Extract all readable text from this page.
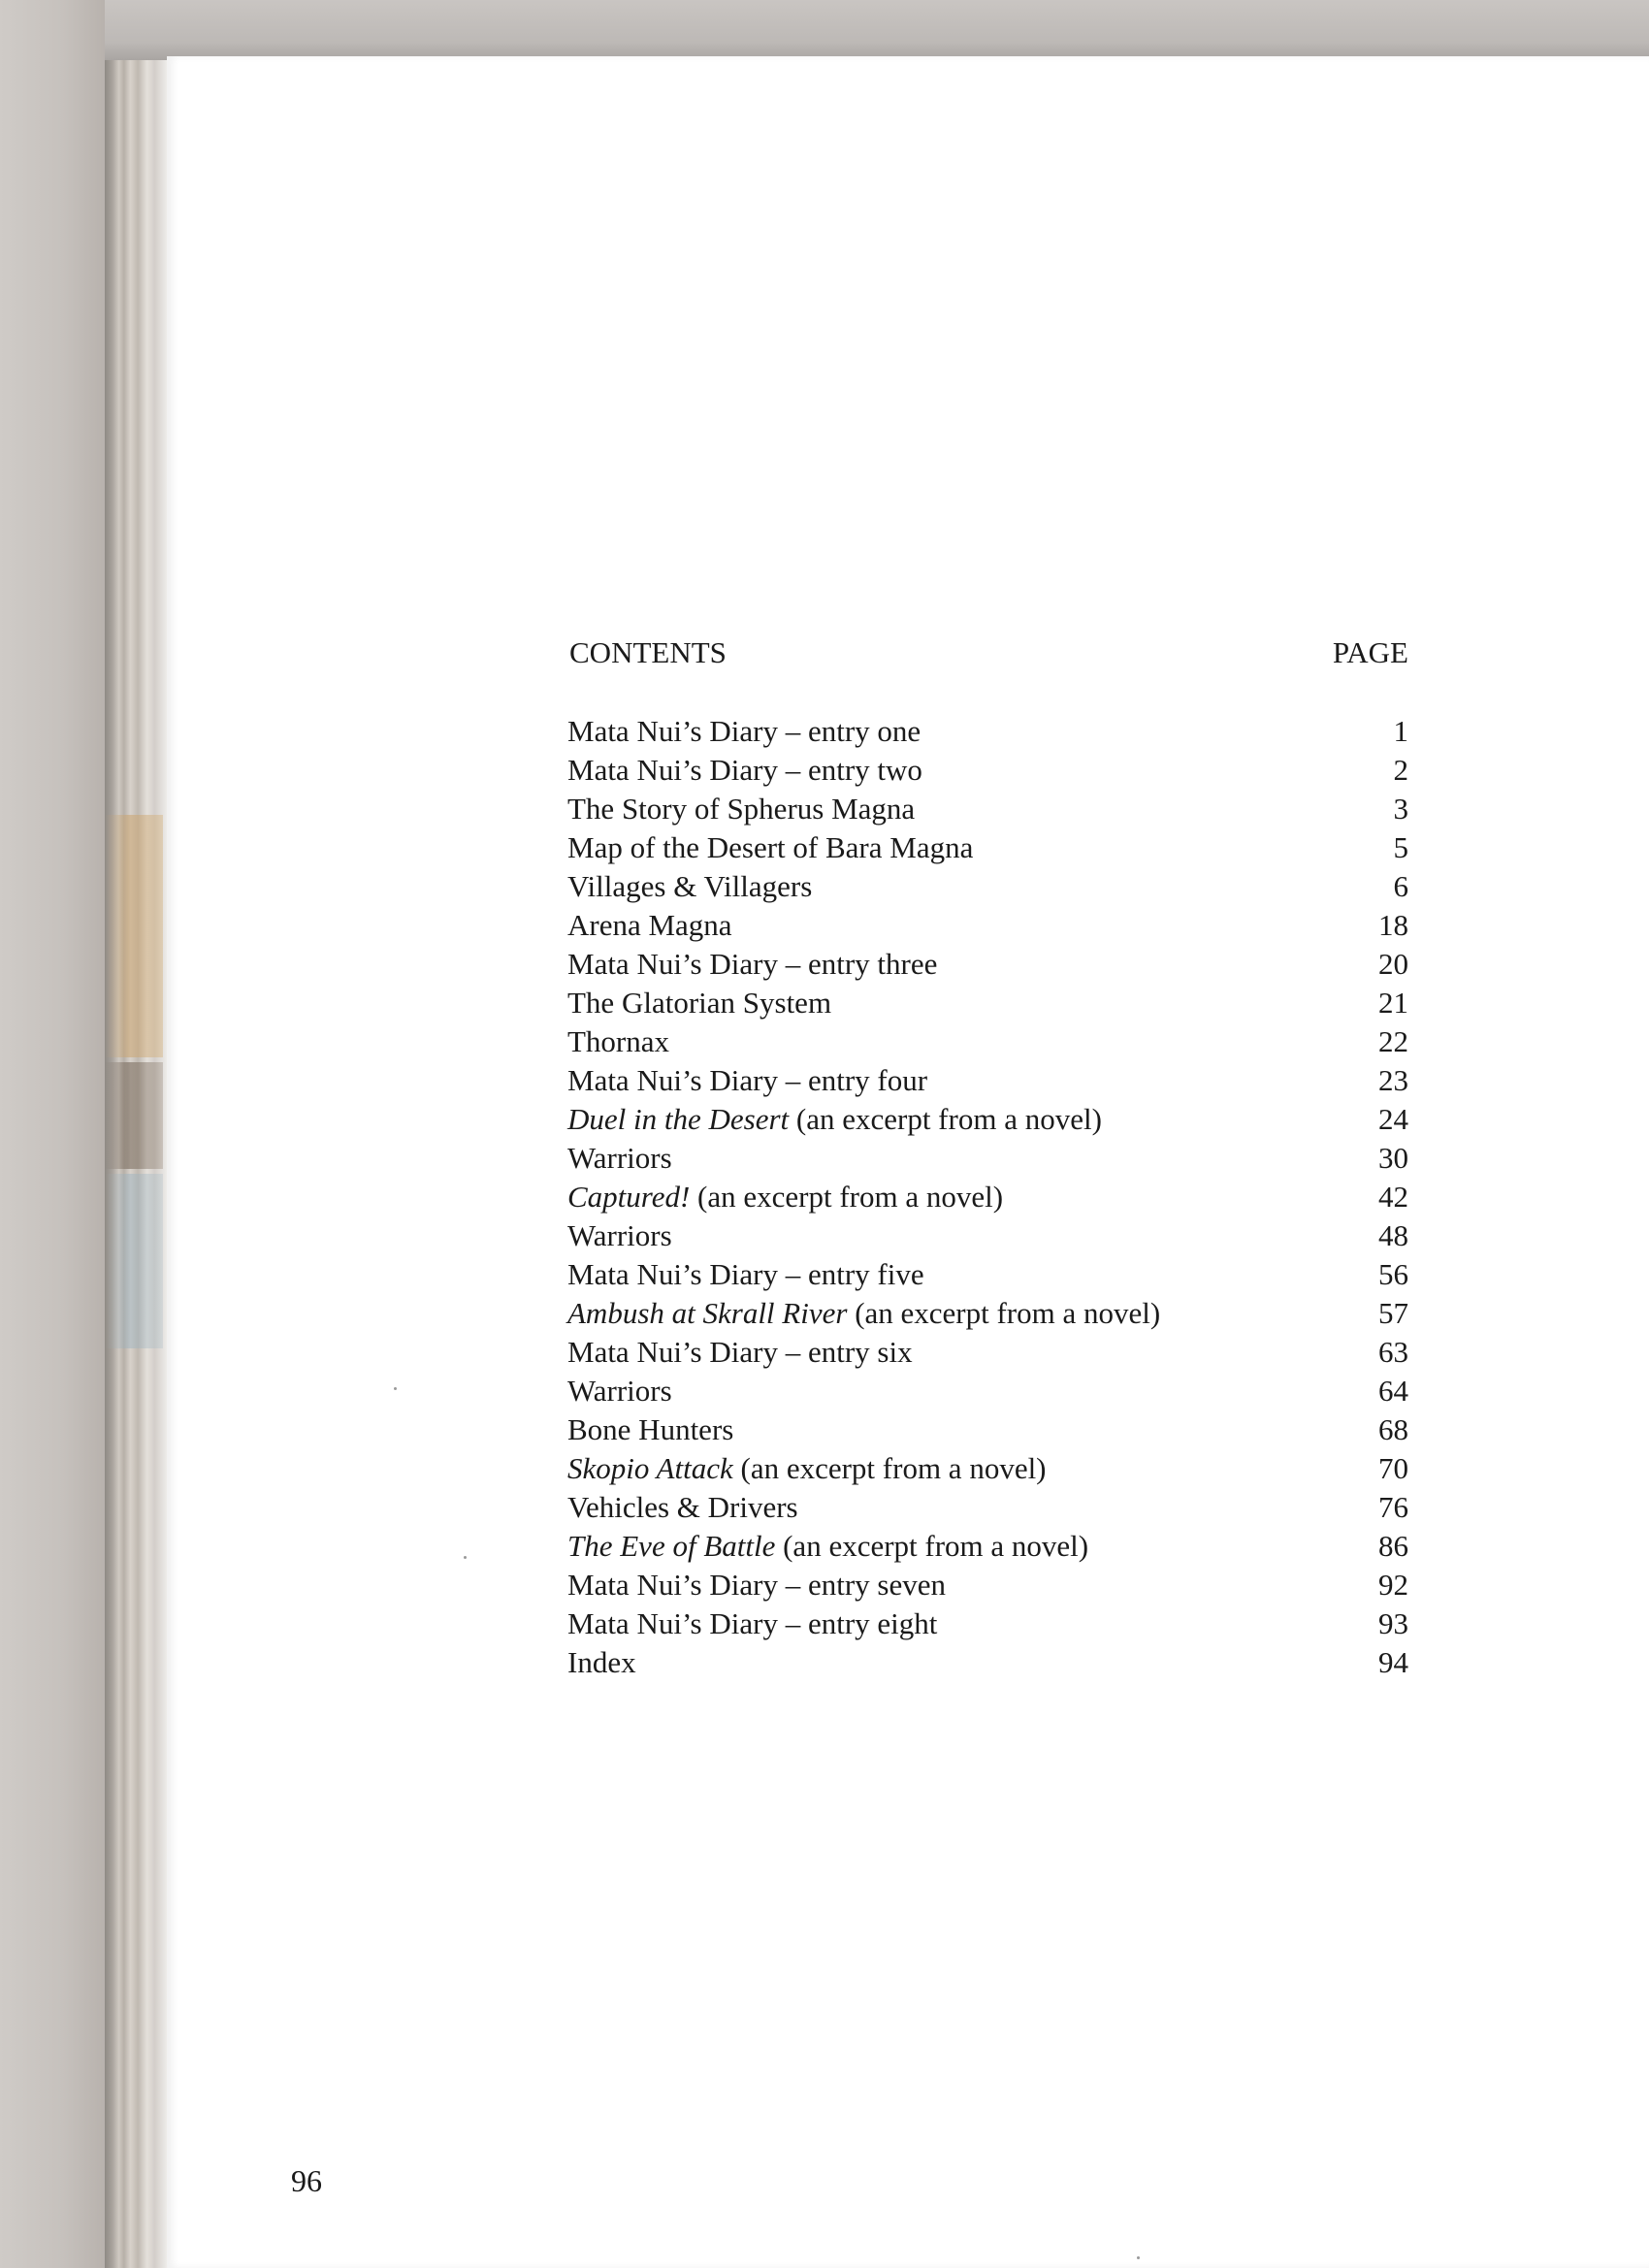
CONTENTS	PAGE
Mata Nui’s Diary – entry one	1
Mata Nui’s Diary – entry two	2
The Story of Spherus Magna	3
Map of the Desert of Bara Magna	5
Villages & Villagers	6
Arena Magna	18
Mata Nui’s Diary – entry three	20
The Glatorian System	21
Thornax	22
Mata Nui’s Diary – entry four	23
Duel in the Desert (an excerpt from a novel)	24
Warriors	30
Captured! (an excerpt from a novel)	42
Warriors	48
Mata Nui’s Diary – entry five	56
Ambush at Skrall River (an excerpt from a novel)	57
Mata Nui’s Diary – entry six	63
Warriors	64
Bone Hunters	68
Skopio Attack (an excerpt from a novel)	70
Vehicles & Drivers	76
The Eve of Battle (an excerpt from a novel)	86
Mata Nui’s Diary – entry seven	92
Mata Nui’s Diary – entry eight	93
Index	94
96
